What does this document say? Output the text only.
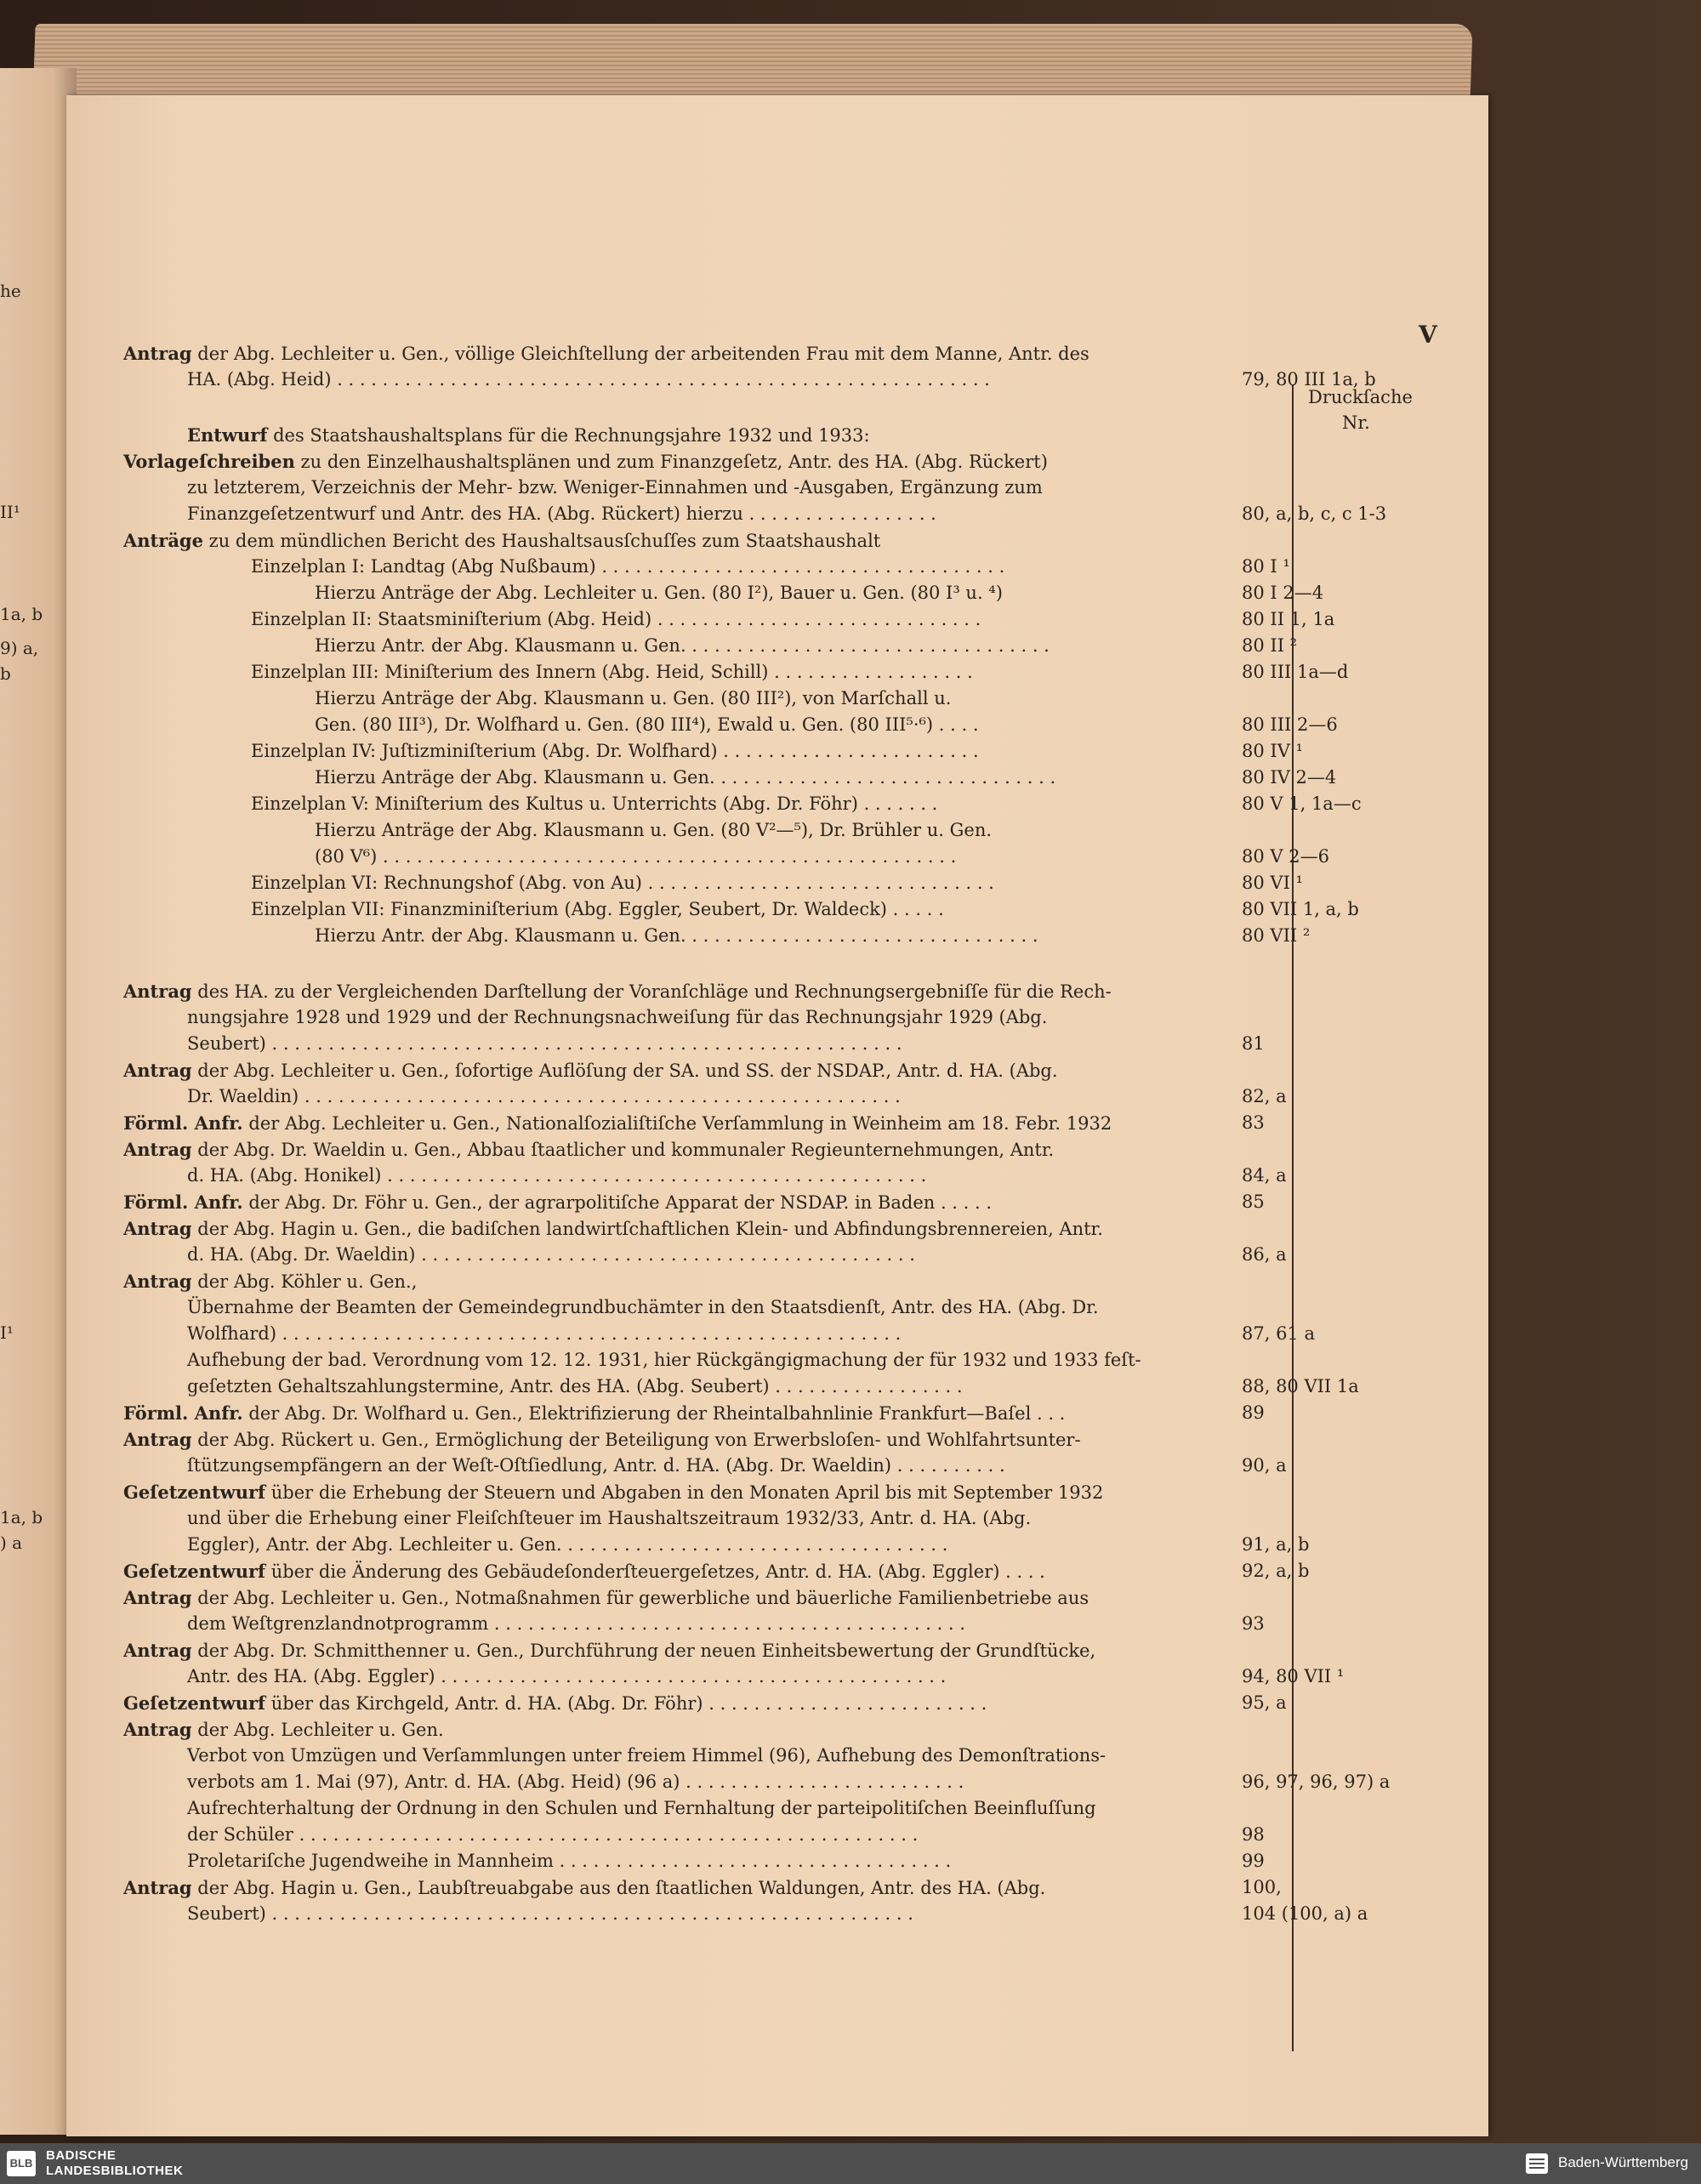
he
II¹
1a, b
9) a,
b
I¹
1a, b
) a
V
Druckſache
Nr.
Antrag der Abg. Lechleiter u. Gen., völlige Gleichſtellung der arbeitenden Frau mit dem Manne, Antr. des
HA. (Abg. Heid) . . . . . . . . . . . . . . . . . . . . . . . . . . . . . . . . . . . . . . . . . . . . . . . . . . . . . . . . . .	79, 80 III 1a, b
Entwurf des Staatshaushaltsplans für die Rechnungsjahre 1932 und 1933:
Vorlageſchreiben zu den Einzelhaushaltsplänen und zum Finanzgeſetz, Antr. des HA. (Abg. Rückert)
zu letzterem, Verzeichnis der Mehr- bzw. Weniger-Einnahmen und -Ausgaben, Ergänzung zum
Finanzgeſetzentwurf und Antr. des HA. (Abg. Rückert) hierzu . . . . . . . . . . . . . . . . .	80, a, b, c, c 1-3
Anträge zu dem mündlichen Bericht des Haushaltsausſchuſſes zum Staatshaushalt
Einzelplan I: Landtag (Abg Nußbaum) . . . . . . . . . . . . . . . . . . . . . . . . . . . . . . . . . . . .	80 I ¹
Hierzu Anträge der Abg. Lechleiter u. Gen. (80 I²), Bauer u. Gen. (80 I³ u. ⁴)	80 I 2—4
Einzelplan II: Staatsminiſterium (Abg. Heid) . . . . . . . . . . . . . . . . . . . . . . . . . . . . .	80 II 1, 1a
Hierzu Antr. der Abg. Klausmann u. Gen. . . . . . . . . . . . . . . . . . . . . . . . . . . . . . . . .	80 II ²
Einzelplan III: Miniſterium des Innern (Abg. Heid, Schill) . . . . . . . . . . . . . . . . . .	80 III 1a—d
Hierzu Anträge der Abg. Klausmann u. Gen. (80 III²), von Marſchall u.
Gen. (80 III³), Dr. Wolfhard u. Gen. (80 III⁴), Ewald u. Gen. (80 III⁵·⁶) . . . .	80 III 2—6
Einzelplan IV: Juſtizminiſterium (Abg. Dr. Wolfhard) . . . . . . . . . . . . . . . . . . . . . . .	80 IV ¹
Hierzu Anträge der Abg. Klausmann u. Gen. . . . . . . . . . . . . . . . . . . . . . . . . . . . . . .	80 IV 2—4
Einzelplan V: Miniſterium des Kultus u. Unterrichts (Abg. Dr. Föhr) . . . . . . .	80 V 1, 1a—c
Hierzu Anträge der Abg. Klausmann u. Gen. (80 V²—⁵), Dr. Brühler u. Gen.
(80 V⁶) . . . . . . . . . . . . . . . . . . . . . . . . . . . . . . . . . . . . . . . . . . . . . . . . . . .	80 V 2—6
Einzelplan VI: Rechnungshof (Abg. von Au) . . . . . . . . . . . . . . . . . . . . . . . . . . . . . . .	80 VI ¹
Einzelplan VII: Finanzminiſterium (Abg. Eggler, Seubert, Dr. Waldeck) . . . . .	80 VII 1, a, b
Hierzu Antr. der Abg. Klausmann u. Gen. . . . . . . . . . . . . . . . . . . . . . . . . . . . . . . .	80 VII ²
Antrag des HA. zu der Vergleichenden Darſtellung der Voranſchläge und Rechnungsergebniſſe für die Rech-
nungsjahre 1928 und 1929 und der Rechnungsnachweiſung für das Rechnungsjahr 1929 (Abg.
Seubert) . . . . . . . . . . . . . . . . . . . . . . . . . . . . . . . . . . . . . . . . . . . . . . . . . . . . . . . .	81
Antrag der Abg. Lechleiter u. Gen., ſofortige Auflöſung der SA. und SS. der NSDAP., Antr. d. HA. (Abg.
Dr. Waeldin) . . . . . . . . . . . . . . . . . . . . . . . . . . . . . . . . . . . . . . . . . . . . . . . . . . . . .	82, a
Förml. Anfr. der Abg. Lechleiter u. Gen., Nationalſozialiſtiſche Verſammlung in Weinheim am 18. Febr. 1932	83
Antrag der Abg. Dr. Waeldin u. Gen., Abbau ſtaatlicher und kommunaler Regieunternehmungen, Antr.
d. HA. (Abg. Honikel) . . . . . . . . . . . . . . . . . . . . . . . . . . . . . . . . . . . . . . . . . . . . . . . .	84, a
Förml. Anfr. der Abg. Dr. Föhr u. Gen., der agrarpolitiſche Apparat der NSDAP. in Baden . . . . .	85
Antrag der Abg. Hagin u. Gen., die badiſchen landwirtſchaftlichen Klein- und Abfindungsbrennereien, Antr.
d. HA. (Abg. Dr. Waeldin) . . . . . . . . . . . . . . . . . . . . . . . . . . . . . . . . . . . . . . . . . . . .	86, a
Antrag der Abg. Köhler u. Gen.,
Übernahme der Beamten der Gemeindegrundbuchämter in den Staatsdienſt, Antr. des HA. (Abg. Dr.
Wolfhard) . . . . . . . . . . . . . . . . . . . . . . . . . . . . . . . . . . . . . . . . . . . . . . . . . . . . . . .	87, 61 a
Aufhebung der bad. Verordnung vom 12. 12. 1931, hier Rückgängigmachung der für 1932 und 1933 feſt-
geſetzten Gehaltszahlungstermine, Antr. des HA. (Abg. Seubert) . . . . . . . . . . . . . . . . .	88, 80 VII 1a
Förml. Anfr. der Abg. Dr. Wolfhard u. Gen., Elektrifizierung der Rheintalbahnlinie Frankfurt—Baſel . . .	89
Antrag der Abg. Rückert u. Gen., Ermöglichung der Beteiligung von Erwerbsloſen- und Wohlfahrtsunter-
ſtützungsempfängern an der Weſt-Oſtſiedlung, Antr. d. HA. (Abg. Dr. Waeldin) . . . . . . . . . .	90, a
Geſetzentwurf über die Erhebung der Steuern und Abgaben in den Monaten April bis mit September 1932
und über die Erhebung einer Fleiſchſteuer im Haushaltszeitraum 1932/33, Antr. d. HA. (Abg.
Eggler), Antr. der Abg. Lechleiter u. Gen. . . . . . . . . . . . . . . . . . . . . . . . . . . . . . . . . . .	91, a, b
Geſetzentwurf über die Änderung des Gebäudeſonderſteuergeſetzes, Antr. d. HA. (Abg. Eggler) . . . .	92, a, b
Antrag der Abg. Lechleiter u. Gen., Notmaßnahmen für gewerbliche und bäuerliche Familienbetriebe aus
dem Weſtgrenzlandnotprogramm . . . . . . . . . . . . . . . . . . . . . . . . . . . . . . . . . . . . . . . . . .	93
Antrag der Abg. Dr. Schmitthenner u. Gen., Durchführung der neuen Einheitsbewertung der Grundſtücke,
Antr. des HA. (Abg. Eggler) . . . . . . . . . . . . . . . . . . . . . . . . . . . . . . . . . . . . . . . . . . . . .	94, 80 VII ¹
Geſetzentwurf über das Kirchgeld, Antr. d. HA. (Abg. Dr. Föhr) . . . . . . . . . . . . . . . . . . . . . . . . .	95, a
Antrag der Abg. Lechleiter u. Gen.
Verbot von Umzügen und Verſammlungen unter freiem Himmel (96), Aufhebung des Demonſtrations-
verbots am 1. Mai (97), Antr. d. HA. (Abg. Heid) (96 a) . . . . . . . . . . . . . . . . . . . . . . . . .	96, 97, 96, 97) a
Aufrechterhaltung der Ordnung in den Schulen und Fernhaltung der parteipolitiſchen Beeinfluſſung
der Schüler . . . . . . . . . . . . . . . . . . . . . . . . . . . . . . . . . . . . . . . . . . . . . . . . . . . . . . .	98
Proletariſche Jugendweihe in Mannheim . . . . . . . . . . . . . . . . . . . . . . . . . . . . . . . . . . .	99
Antrag der Abg. Hagin u. Gen., Laubſtreuabgabe aus den ſtaatlichen Waldungen, Antr. des HA. (Abg.	100,
Seubert) . . . . . . . . . . . . . . . . . . . . . . . . . . . . . . . . . . . . . . . . . . . . . . . . . . . . . . . . .	104 (100, a) a
BLB
BADISCHE
LANDESBIBLIOTHEK
Baden-Württemberg
